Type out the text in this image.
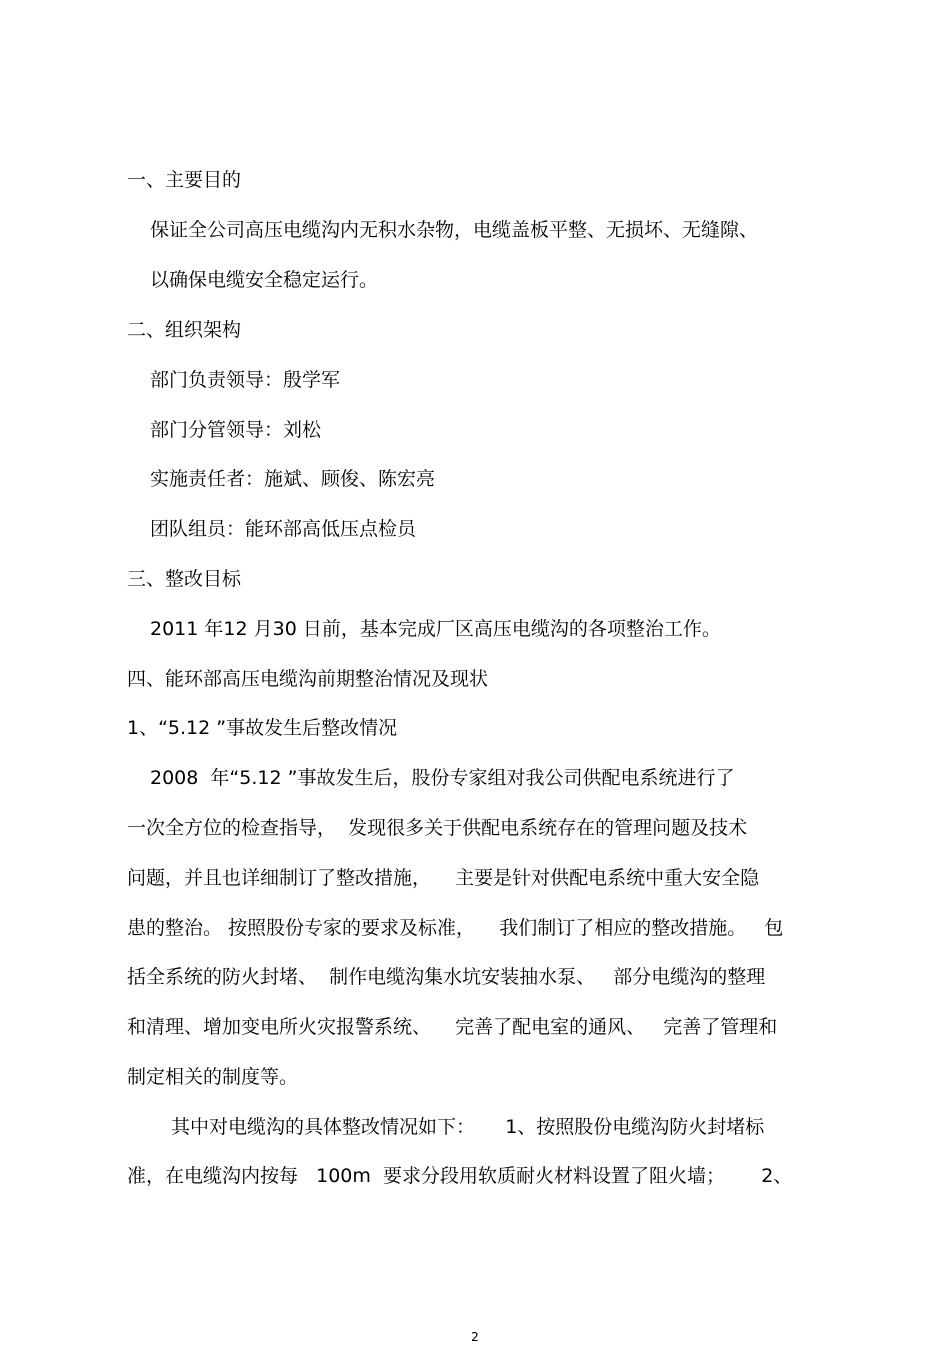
一、主要目的
保证全公司高压电缆沟内无积水杂物，电缆盖板平整、无损坏、无缝隙、
以确保电缆安全稳定运行。
二、组织架构
部门负责领导：殷学军
部门分管领导：刘松
实施责任者：施斌、顾俊、陈宏亮
团队组员：能环部高低压点检员
三、整改目标
2011 年12 月30 日前，基本完成厂区高压电缆沟的各项整治工作。
四、能环部高压电缆沟前期整治情况及现状
1、“5.12 ”事故发生后整改情况
2008  年“5.12 ”事故发生后，股份专家组对我公司供配电系统进行了
一次全方位的检查指导，  发现很多关于供配电系统存在的管理问题及技术
问题，并且也详细制订了整改措施，    主要是针对供配电系统中重大安全隐
患的整治。 按照股份专家的要求及标准，    我们制订了相应的整改措施。   包
括全系统的防火封堵、  制作电缆沟集水坑安装抽水泵、   部分电缆沟的整理
和清理、增加变电所火灾报警系统、    完善了配电室的通风、   完善了管理和
制定相关的制度等。
其中对电缆沟的具体整改情况如下：     1、按照股份电缆沟防火封堵标
准，在电缆沟内按每   100m  要求分段用软质耐火材料设置了阻火墙；      2、
2
